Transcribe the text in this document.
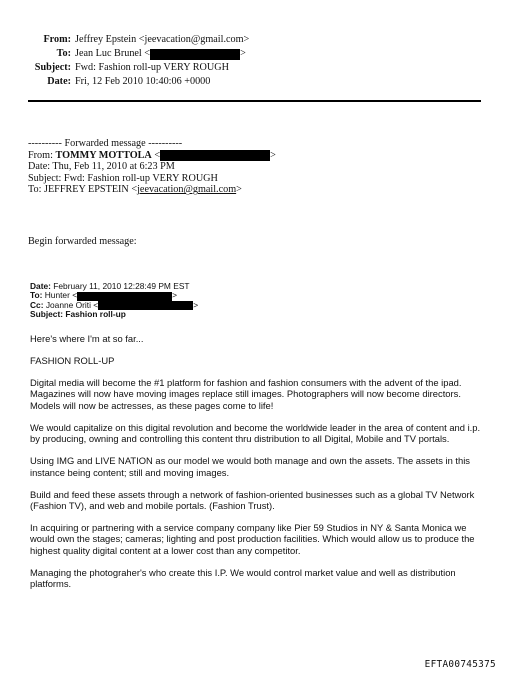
From: Jeffrey Epstein <jeevacation@gmail.com>
To: Jean Luc Brunel <	>
Subject: Fwd: Fashion roll-up VERY ROUGH
Date: Fri, 12 Feb 2010 10:40:06 +0000
---------- Forwarded message ----------
From: TOMMY MOTTOLA <	>
Date: Thu, Feb 11, 2010 at 6:23 PM
Subject: Fwd: Fashion roll-up VERY ROUGH
To: JEFFREY EPSTEIN < jeevacation@gmail.com >
Begin forwarded message:
Date: February 11, 2010 12:28:49 PM EST
To: Hunter <	>
Cc: Joanne Oriti <	>
Subject: Fashion roll-up

Here's where I'm at so far...

FASHION ROLL-UP

Digital media will become the #1 platform for fashion and fashion consumers with the advent of the ipad. Magazines will now have moving images replace still images. Photographers will now become directors. Models will now be actresses, as these pages come to life!

We would capitalize on this digital revolution and become the worldwide leader in the area of content and i.p. by producing, owning and controlling this content thru distribution to all Digital, Mobile and TV portals.

Using IMG and LIVE NATION as our model we would both manage and own the assets. The assets in this instance being content; still and moving images.

Build and feed these assets through a network of fashion-oriented businesses such as a global TV Network (Fashion TV), and web and mobile portals. (Fashion Trust).

In acquiring or partnering with a service company company like Pier 59 Studios in NY & Santa Monica we would own the stages; cameras; lighting and post production facilities. Which would allow us to produce the highest quality digital content at a lower cost than any competitor.

Managing the photograher's who create this I.P. We would control market value and well as distribution platforms.

EFTA00745375
